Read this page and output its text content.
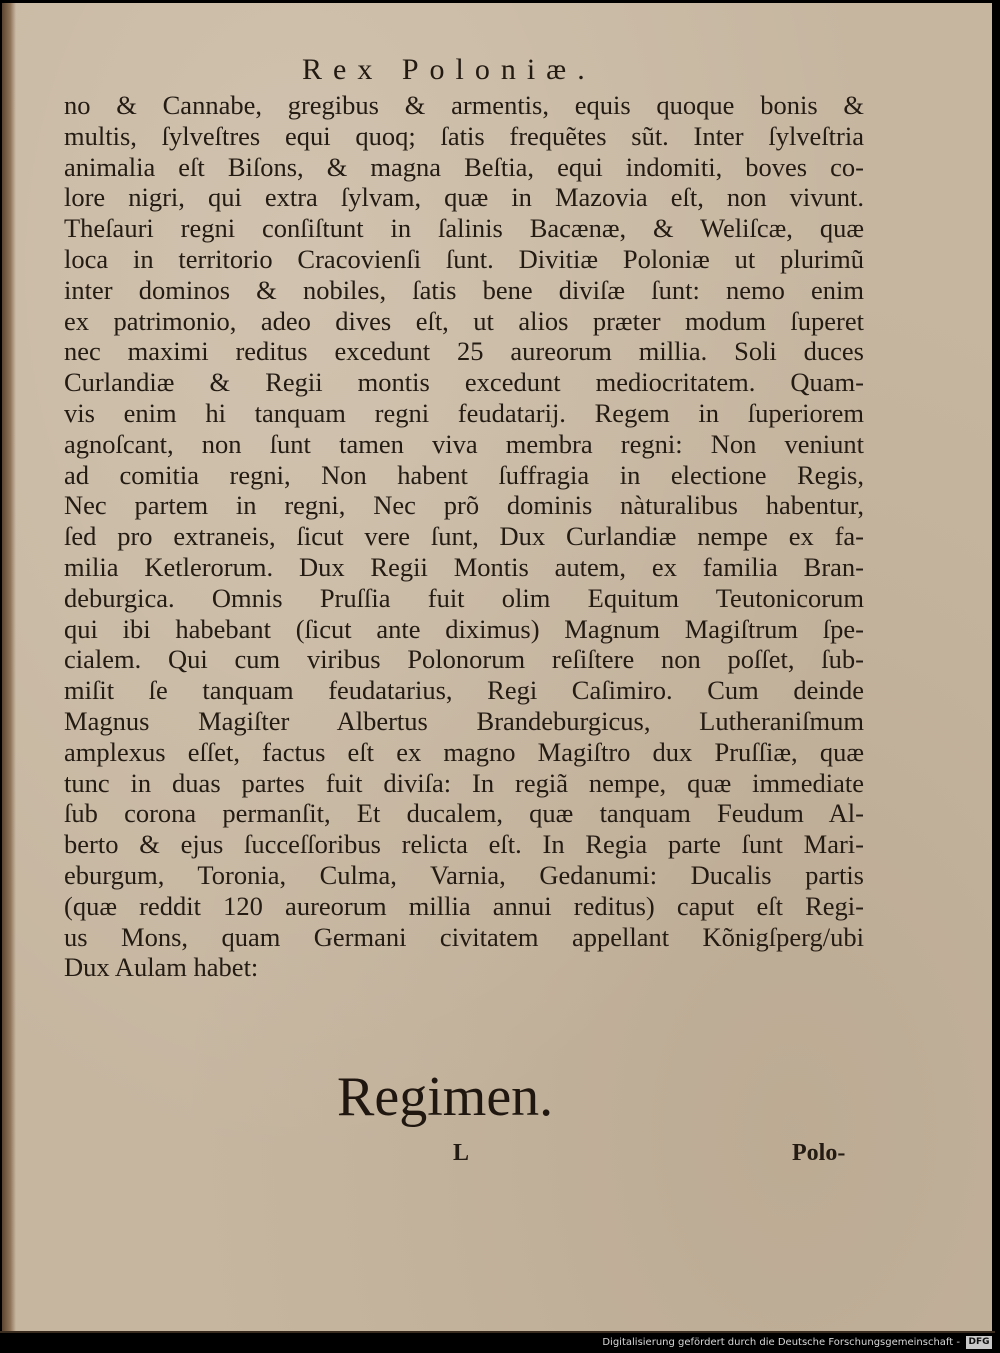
Rex Poloniæ.
no & Cannabe, gregibus & armentis, equis quoque bonis &
multis, ſylveſtres equi quoq; ſatis frequẽtes sũt. Inter ſylveſtria
animalia eſt Biſons, & magna Beſtia, equi indomiti, boves co-
lore nigri, qui extra ſylvam, quæ in Mazovia eſt, non vivunt.
Theſauri regni conſiſtunt in ſalinis Bacænæ, & Weliſcæ, quæ
loca in territorio Cracovienſi ſunt. Divitiæ Poloniæ ut plurimũ
inter dominos & nobiles, ſatis bene diviſæ ſunt: nemo enim
ex patrimonio, adeo dives eſt, ut alios præter modum ſuperet
nec maximi reditus excedunt 25 aureorum millia. Soli duces
Curlandiæ & Regii montis excedunt mediocritatem. Quam-
vis enim hi tanquam regni feudatarij. Regem in ſuperiorem
agnoſcant, non ſunt tamen viva membra regni: Non veniunt
ad comitia regni, Non habent ſuffragia in electione Regis,
Nec partem in regni, Nec prõ dominis nàturalibus habentur,
ſed pro extraneis, ſicut vere ſunt, Dux Curlandiæ nempe ex fa-
milia Ketlerorum. Dux Regii Montis autem, ex familia Bran-
deburgica. Omnis Pruſſia fuit olim Equitum Teutonicorum
qui ibi habebant (ſicut ante diximus) Magnum Magiſtrum ſpe-
cialem. Qui cum viribus Polonorum reſiſtere non poſſet, ſub-
miſit ſe tanquam feudatarius, Regi Caſimiro. Cum deinde
Magnus Magiſter Albertus Brandeburgicus, Lutheraniſmum
amplexus eſſet, factus eſt ex magno Magiſtro dux Pruſſiæ, quæ
tunc in duas partes fuit diviſa: In regiã nempe, quæ immediate
ſub corona permanſit, Et ducalem, quæ tanquam Feudum Al-
berto & ejus ſucceſſoribus relicta eſt. In Regia parte ſunt Mari-
eburgum, Toronia, Culma, Varnia, Gedanumi: Ducalis partis
(quæ reddit 120 aureorum millia annui reditus) caput eſt Regi-
us Mons, quam Germani civitatem appellant Kõnigſperg/ubi
Dux Aulam habet:
Regimen.
L	Polo-
Digitalisierung gefördert durch die Deutsche Forschungsgemeinschaft - DFG
